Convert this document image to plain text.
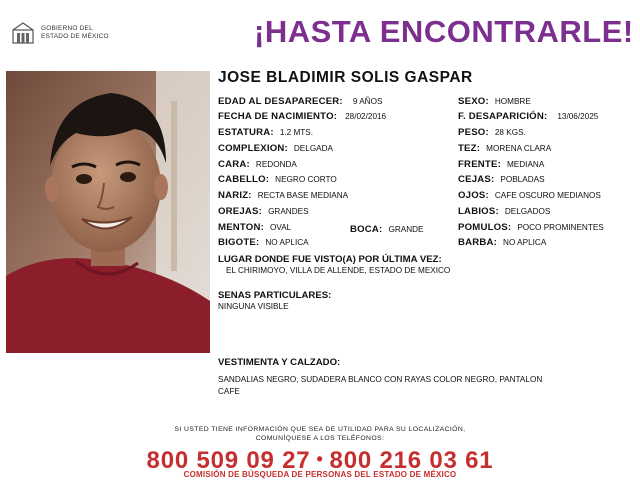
GOBIERNO DEL
ESTADO DE MÉXICO	¡HASTA ENCONTRARLE!
JOSE BLADIMIR SOLIS GASPAR
EDAD AL DESAPARECER: 9 AÑOS
FECHA DE NACIMIENTO: 28/02/2016
ESTATURA: 1.2 MTS.
COMPLEXION: DELGADA
CARA: REDONDA
CABELLO: NEGRO CORTO
NARIZ: RECTA BASE MEDIANA
OREJAS: GRANDES
MENTON: OVAL	BOCA: GRANDE
BIGOTE: NO APLICA
SEXO: HOMBRE
F. DESAPARICIÓN: 13/06/2025
PESO: 28 KGS.
TEZ: MORENA CLARA
FRENTE: MEDIANA
CEJAS: POBLADAS
OJOS: CAFE OSCURO MEDIANOS
LABIOS: DELGADOS
POMULOS: POCO PROMINENTES
BARBA: NO APLICA
LUGAR DONDE FUE VISTO(A) POR ÚLTIMA VEZ:
EL CHIRIMOYO, VILLA DE ALLENDE, ESTADO DE MEXICO
SENAS PARTICULARES:
NINGUNA VISIBLE
VESTIMENTA Y CALZADO:
SANDALIAS NEGRO, SUDADERA BLANCO CON RAYAS COLOR NEGRO, PANTALON
CAFE
SI USTED TIENE INFORMACIÓN QUE SEA DE UTILIDAD PARA SU LOCALIZACIÓN,
COMUNÍQUESE A LOS TELÉFONOS:
800 509 09 27 • 800 216 03 61
COMISIÓN DE BÚSQUEDA DE PERSONAS DEL ESTADO DE MÉXICO
